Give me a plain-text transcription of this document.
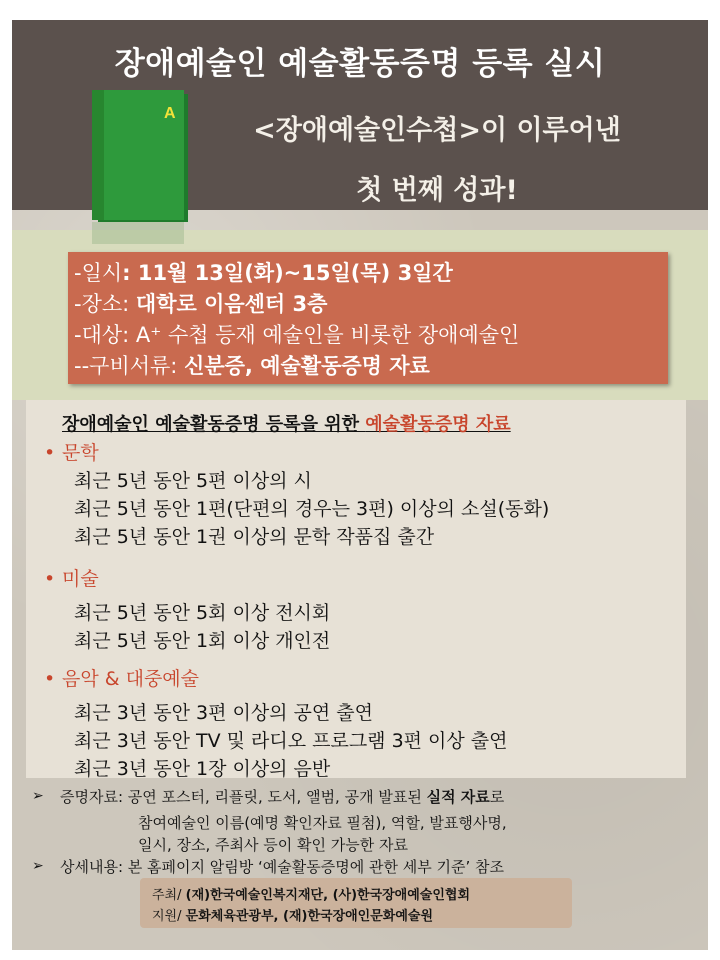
장애예술인 예술활동증명 등록 실시
<장애예술인수첩>이 이루어낸
첫 번째 성과!
A
-일시: 11월 13일(화)~15일(목) 3일간
-장소: 대학로 이음센터 3층
-대상: A⁺ 수첩 등재 예술인을 비롯한 장애예술인
--구비서류: 신분증, 예술활동증명 자료
장애예술인 예술활동증명 등록을 위한 예술활동증명 자료
• 문학
최근 5년 동안 5편 이상의 시
최근 5년 동안 1편(단편의 경우는 3편) 이상의 소설(동화)
최근 5년 동안 1권 이상의 문학 작품집 출간
• 미술
최근 5년 동안 5회 이상 전시회
최근 5년 동안 1회 이상 개인전
• 음악 & 대중예술
최근 3년 동안 3편 이상의 공연 출연
최근 3년 동안 TV 및 라디오 프로그램 3편 이상 출연
최근 3년 동안 1장 이상의 음반
➢ 증명자료: 공연 포스터, 리플릿, 도서, 앨범, 공개 발표된 실적 자료로
참여예술인 이름(예명 확인자료 필첨), 역할, 발표행사명,
일시, 장소, 주최사 등이 확인 가능한 자료
➢ 상세내용: 본 홈페이지 알림방 ‘예술활동증명에 관한 세부 기준’ 참조
주최/ (재)한국예술인복지재단, (사)한국장애예술인협회
지원/ 문화체육관광부, (재)한국장애인문화예술원
